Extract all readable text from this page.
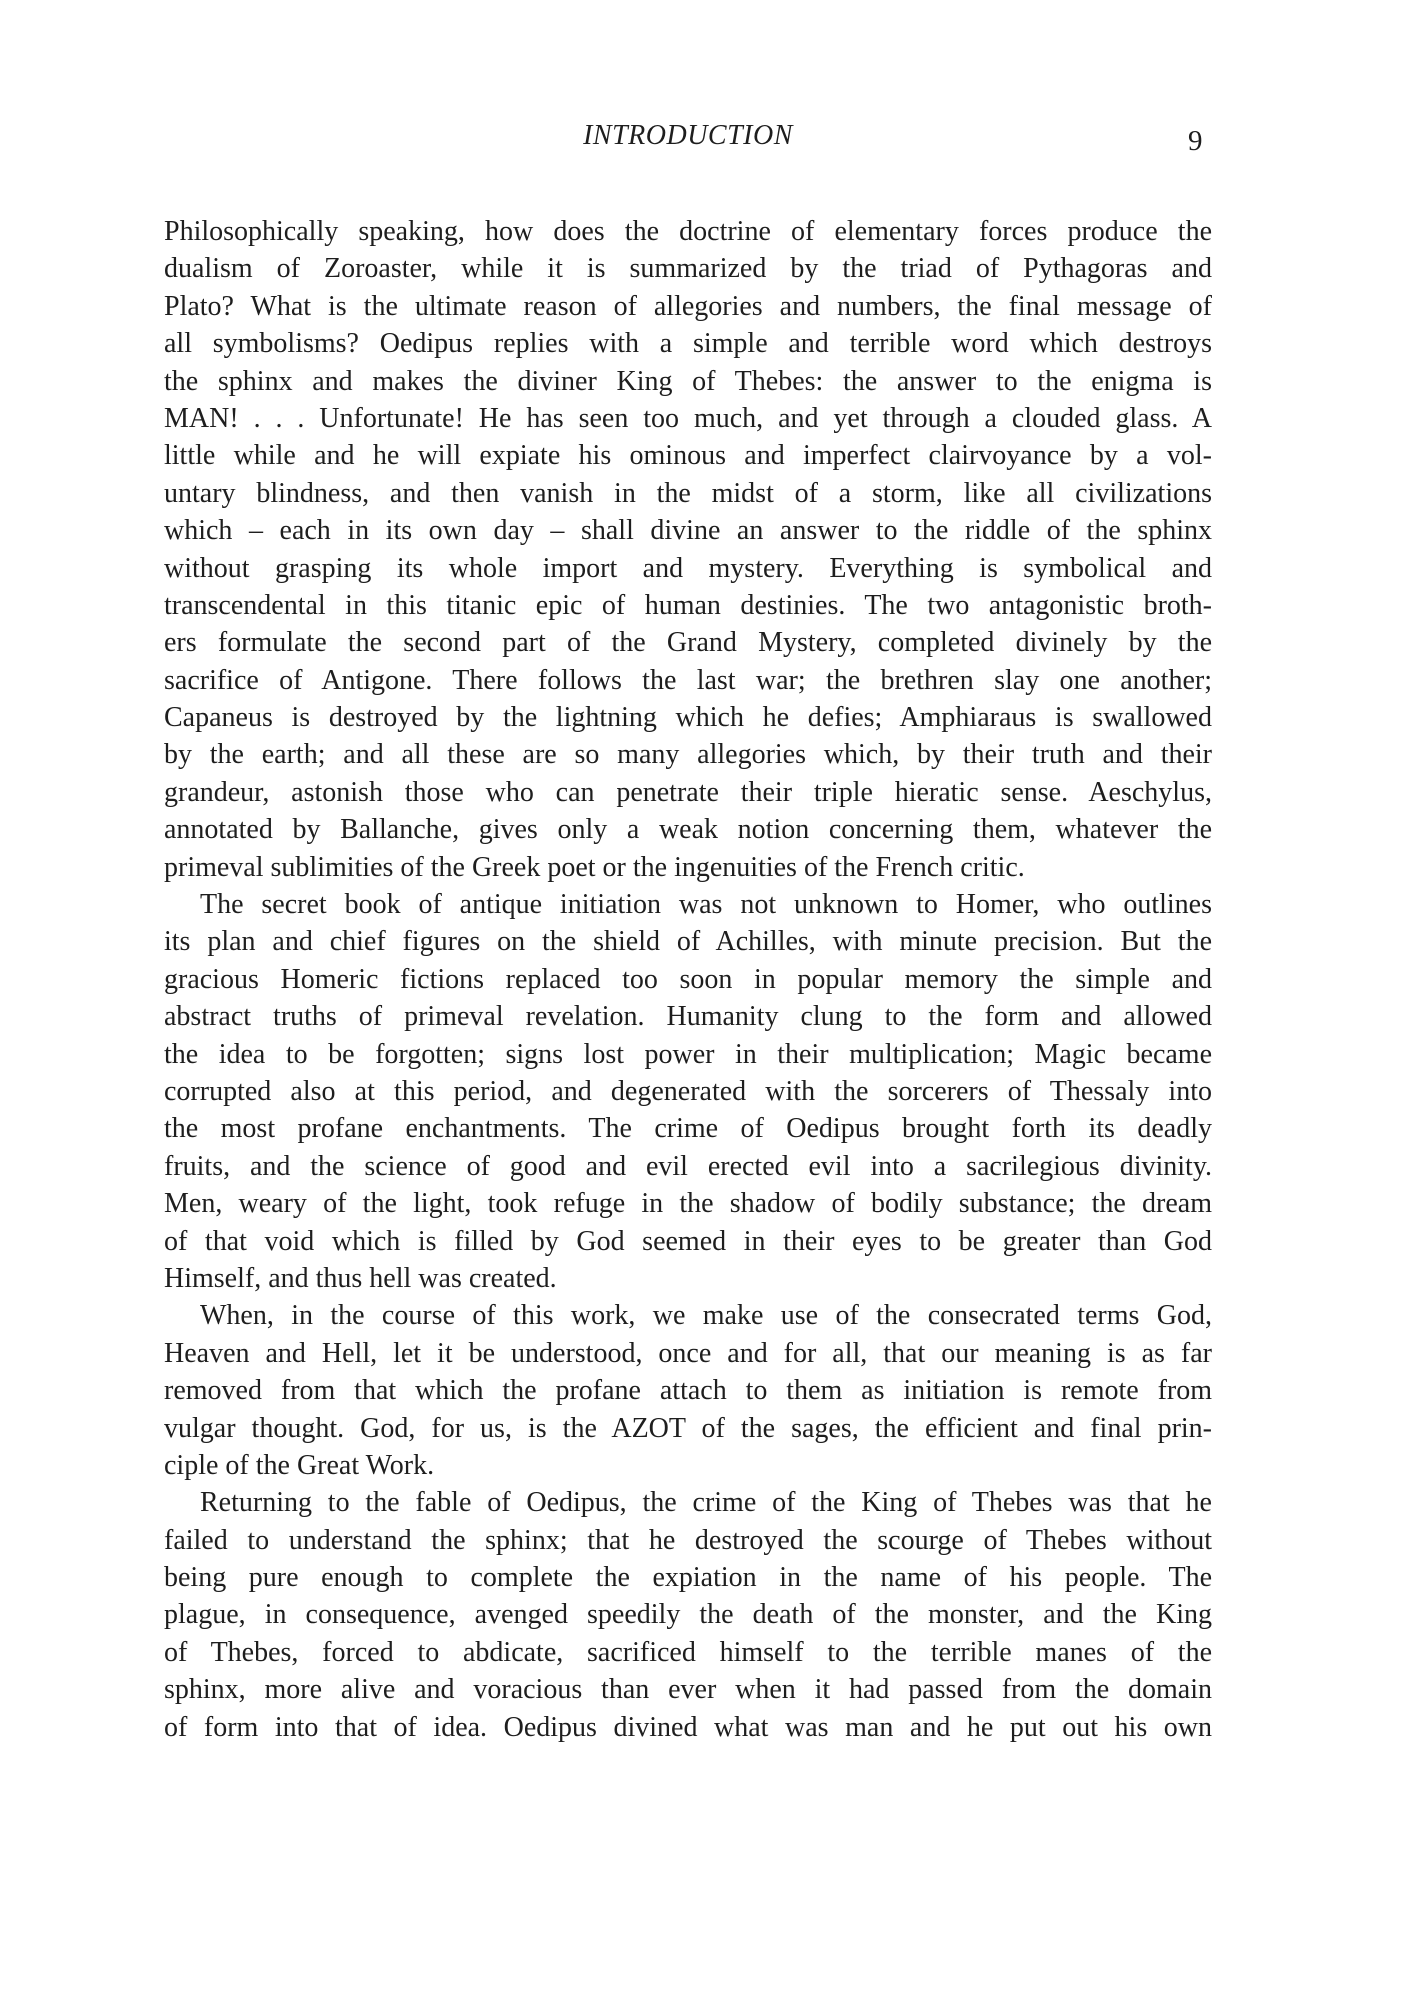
INTRODUCTION	9
Philosophically speaking, how does the doctrine of elementary forces produce the
dualism of Zoroaster, while it is summarized by the triad of Pythagoras and
Plato? What is the ultimate reason of allegories and numbers, the final message of
all symbolisms? Oedipus replies with a simple and terrible word which destroys
the sphinx and makes the diviner King of Thebes: the answer to the enigma is
MAN! . . . Unfortunate! He has seen too much, and yet through a clouded glass. A
little while and he will expiate his ominous and imperfect clairvoyance by a vol-
untary blindness, and then vanish in the midst of a storm, like all civilizations
which – each in its own day – shall divine an answer to the riddle of the sphinx
without grasping its whole import and mystery. Everything is symbolical and
transcendental in this titanic epic of human destinies. The two antagonistic broth-
ers formulate the second part of the Grand Mystery, completed divinely by the
sacrifice of Antigone. There follows the last war; the brethren slay one another;
Capaneus is destroyed by the lightning which he defies; Amphiaraus is swallowed
by the earth; and all these are so many allegories which, by their truth and their
grandeur, astonish those who can penetrate their triple hieratic sense. Aeschylus,
annotated by Ballanche, gives only a weak notion concerning them, whatever the
primeval sublimities of the Greek poet or the ingenuities of the French critic.
The secret book of antique initiation was not unknown to Homer, who outlines
its plan and chief figures on the shield of Achilles, with minute precision. But the
gracious Homeric fictions replaced too soon in popular memory the simple and
abstract truths of primeval revelation. Humanity clung to the form and allowed
the idea to be forgotten; signs lost power in their multiplication; Magic became
corrupted also at this period, and degenerated with the sorcerers of Thessaly into
the most profane enchantments. The crime of Oedipus brought forth its deadly
fruits, and the science of good and evil erected evil into a sacrilegious divinity.
Men, weary of the light, took refuge in the shadow of bodily substance; the dream
of that void which is filled by God seemed in their eyes to be greater than God
Himself, and thus hell was created.
When, in the course of this work, we make use of the consecrated terms God,
Heaven and Hell, let it be understood, once and for all, that our meaning is as far
removed from that which the profane attach to them as initiation is remote from
vulgar thought. God, for us, is the AZOT of the sages, the efficient and final prin-
ciple of the Great Work.
Returning to the fable of Oedipus, the crime of the King of Thebes was that he
failed to understand the sphinx; that he destroyed the scourge of Thebes without
being pure enough to complete the expiation in the name of his people. The
plague, in consequence, avenged speedily the death of the monster, and the King
of Thebes, forced to abdicate, sacrificed himself to the terrible manes of the
sphinx, more alive and voracious than ever when it had passed from the domain
of form into that of idea. Oedipus divined what was man and he put out his own
